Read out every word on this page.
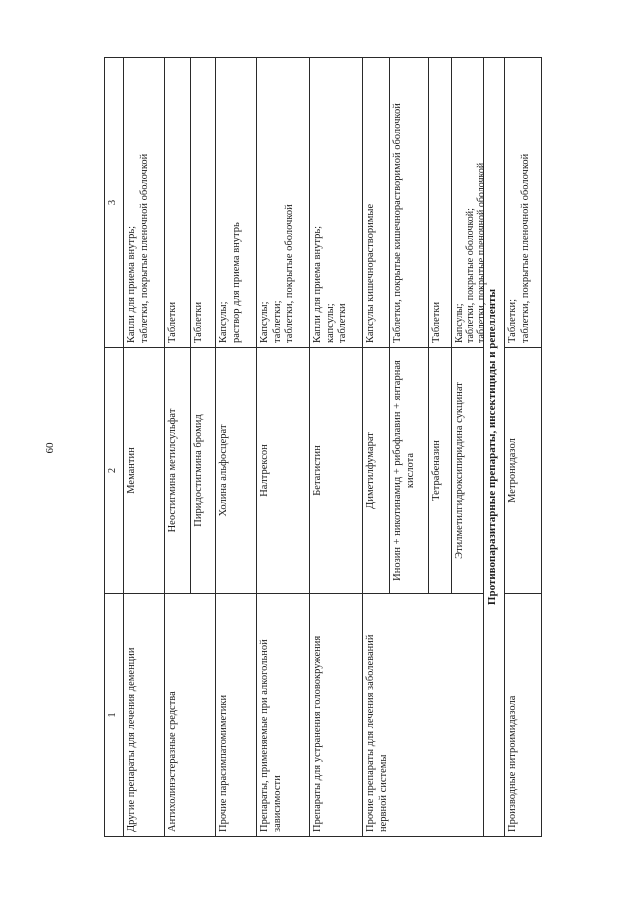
60
1
2
3
Другие препараты для лечения деменции
Мемантин
Капли для приема внутрь;
таблетки, покрытые пленочной оболочкой
Антихолинэстеразные средства
Неостигмина метилсульфат
Таблетки
Пиридостигмина бромид
Таблетки
Прочие парасимпатомиметики
Холина альфосцерат
Капсулы;
раствор для приема внутрь
Препараты, применяемые при алкогольной зависимости
Налтрексон
Капсулы;
таблетки;
таблетки, покрытые оболочкой
Препараты для устранения головокружения
Бетагистин
Капли для приема внутрь;
капсулы;
таблетки
Прочие препараты для лечения заболеваний нервной системы
Диметилфумарат
Капсулы кишечнорастворимые
Инозин + никотинамид + рибофлавин + янтарная кислота
Таблетки, покрытые кишечнорастворимой оболочкой
Тетрабеназин
Таблетки
Этилметилгидроксипиридина сукцинат
Капсулы;
таблетки, покрытые оболочкой;
таблетки, покрытые пленочной оболочкой
Противопаразитарные препараты, инсектициды и репелленты
Производные нитроимидазола
Метронидазол
Таблетки;
таблетки, покрытые пленочной оболочкой
